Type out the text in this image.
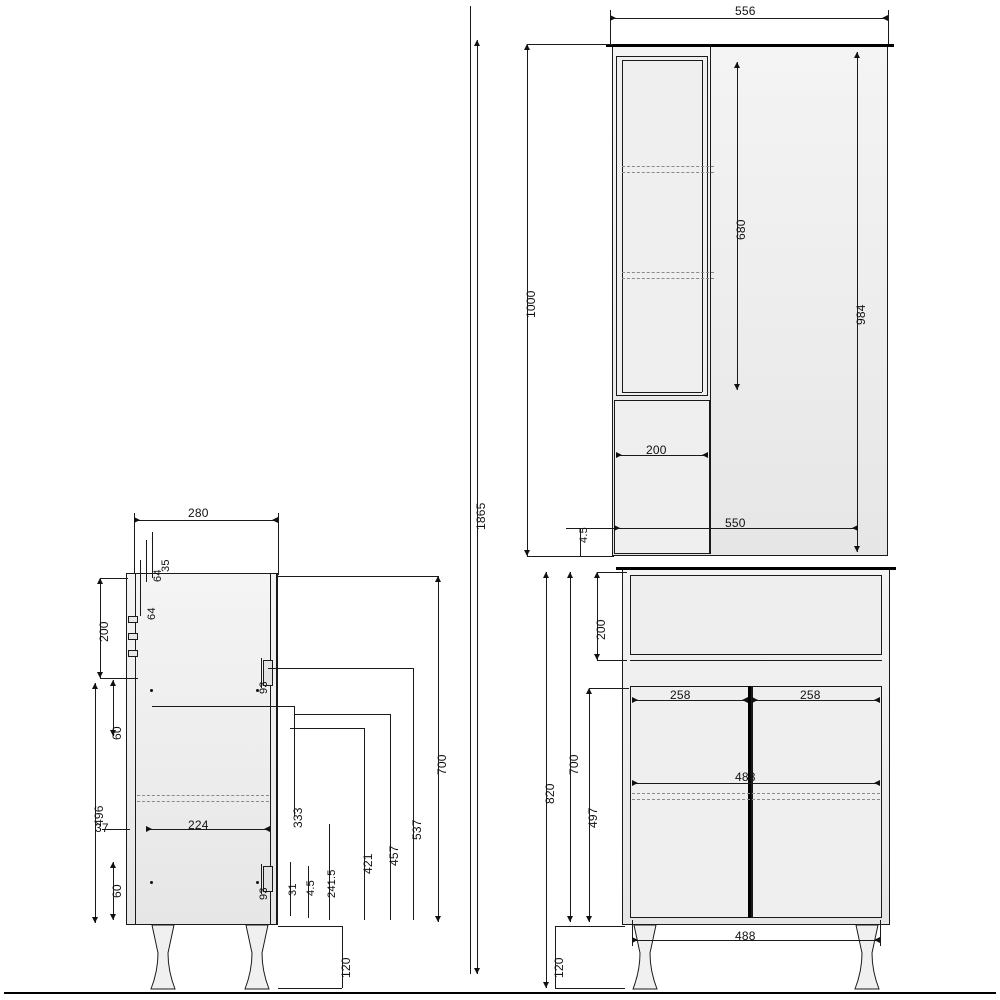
1865
556
680
984
1000
200
550
4.5
280
35
64
64
200
60
496
37	224
60
93
93 31 4.5 241.5
333
421 457
537
700
120
200
258	258
488
700
497
820
488
120
